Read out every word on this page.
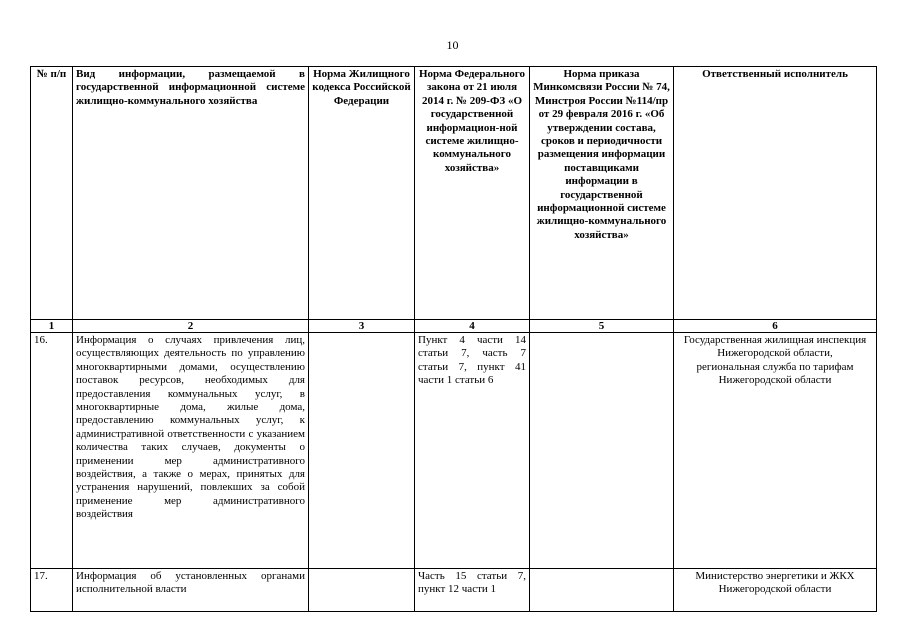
10
№ п/п	Вид информации, размещаемой в государственной информационной системе жилищно-коммунального хозяйства	Норма Жилищного кодекса Российской Федерации	Норма Федерального закона от 21 июля 2014 г. № 209-ФЗ «О государственной информацион-ной системе жилищно-коммунального хозяйства»	Норма приказа Минкомсвязи России № 74, Минстроя России №114/пр от 29 февраля 2016 г. «Об утверждении состава, сроков и периодичности размещения информации поставщиками информации в государственной информационной системе жилищно-коммунального хозяйства»	Ответственный исполнитель
1	2	3	4	5	6
16.	Информация о случаях привлечения лиц, осуществляющих деятельность по управлению многоквартирными домами, осуществлению поставок ресурсов, необходимых для предоставления коммунальных услуг, в многоквартирные дома, жилые дома, предоставлению коммунальных услуг, к административной ответственности с указанием количества таких случаев, документы о применении мер административного воздействия, а также о мерах, принятых для устранения нарушений, повлекших за собой применение мер административного воздействия		Пункт 4 части 14 статьи 7, часть 7 статьи 7, пункт 41 части 1 статьи 6		Государственная жилищная инспекция Нижегородской области,
региональная служба по тарифам Нижегородской области
17.	Информация об установленных органами исполнительной власти		Часть 15 статьи 7, пункт 12 части 1		Министерство энергетики и ЖКХ Нижегородской области
